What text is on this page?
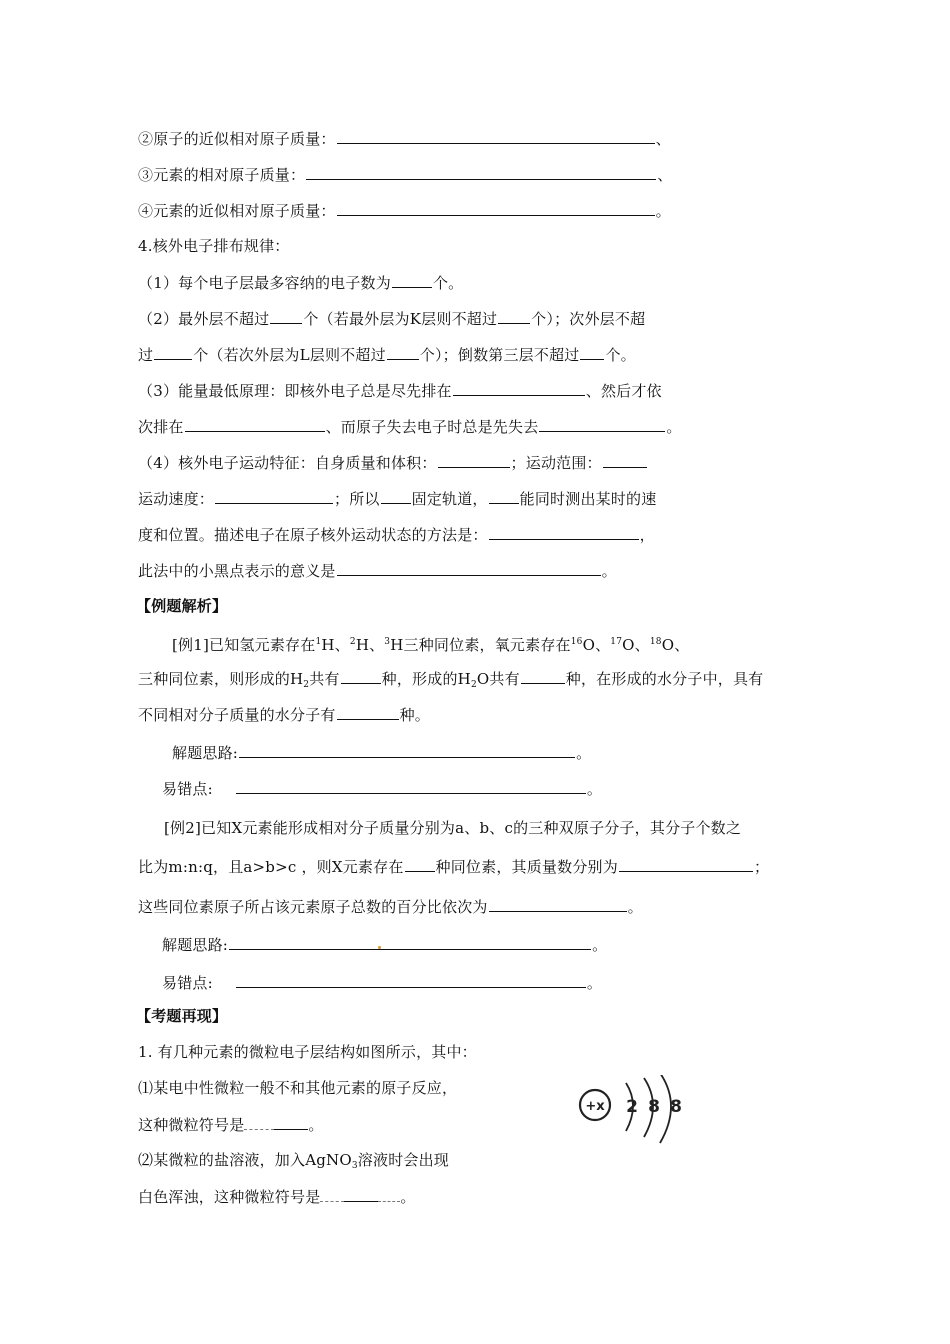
②原子的近似相对原子质量：	、
③元素的相对原子质量：	、
④元素的近似相对原子质量：	。
4.核外电子排布规律：
（1）每个电子层最多容纳的电子数为	个。
（2）最外层不超过 个（若最外层为K层则不超过 个）；次外层不超
过	个（若次外层为L层则不超过 个）；倒数第三层不超过 个。
（3）能量最低原理：即核外电子总是尽先排在	、然后才依
次排在	、而原子失去电子时总是先失去	。
（4）核外电子运动特征：自身质量和体积：	；运动范围：
运动速度：	；所以 固定轨道， 能同时测出某时的速
度和位置。描述电子在原子核外运动状态的方法是：	，
此法中的小黑点表示的意义是	。
【例题解析】
[例1]已知氢元素存在$^1$H、$^2$H、$^3$H三种同位素，氧元素存在$^{16}$O、$^{17}$O、$^{18}$O、
三种同位素，则形成的$H_2$共有	种，形成的$H_2O$共有	种，在形成的水分子中，具有
不同相对分子质量的水分子有	种。
解题思路:	。
易错点:	。
[例2]已知X元素能形成相对分子质量分别为a、b、c的三种双原子分子，其分子个数之
比为m:n:q，且a>b>c ，则X元素存在 种同位素，其质量数分别为	；
这些同位素原子所占该元素原子总数的百分比依次为	。
解题思路:	。
易错点:	。
【考题再现】
1. 有几种元素的微粒电子层结构如图所示，其中：
⑴某电中性微粒一般不和其他元素的原子反应，
这种微粒符号是	。
⑵某微粒的盐溶液，加入AgNO$_3$溶液时会出现
白色浑浊，这种微粒符号是	。
+x 2 8 8
